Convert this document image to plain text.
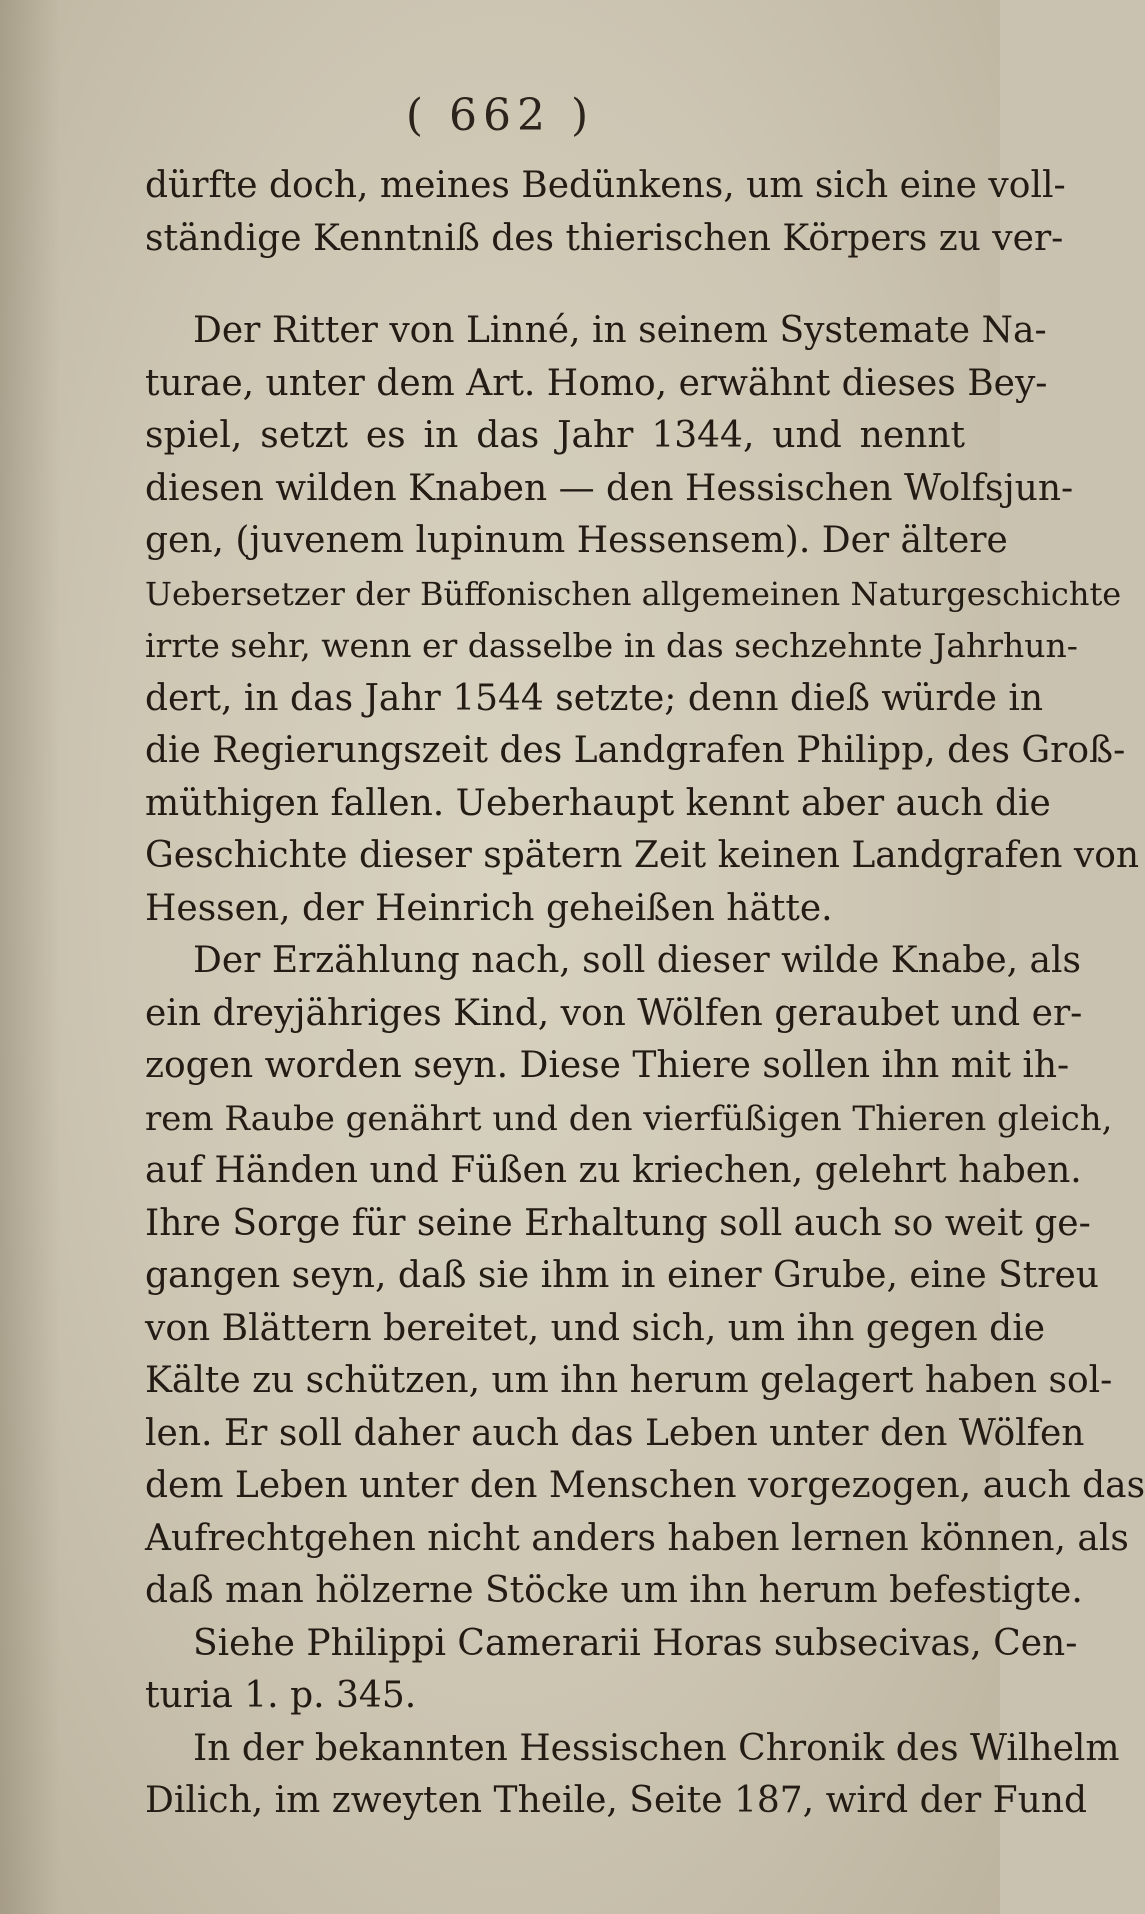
( 662 )
dürfte doch, meines Bedünkens, um sich eine voll-
ständige Kenntniß des thierischen Körpers zu ver-
Der Ritter von Linné, in seinem Systemate Na-
turae, unter dem Art. Homo, erwähnt dieses Bey-
spiel, setzt es in das Jahr 1344, und nennt
diesen wilden Knaben — den Hessischen Wolfsjun-
gen, (juvenem lupinum Hessensem). Der ältere
Uebersetzer der Büffonischen allgemeinen Naturgeschichte
irrte sehr, wenn er dasselbe in das sechzehnte Jahrhun-
dert, in das Jahr 1544 setzte; denn dieß würde in
die Regierungszeit des Landgrafen Philipp, des Groß-
müthigen fallen. Ueberhaupt kennt aber auch die
Geschichte dieser spätern Zeit keinen Landgrafen von
Hessen, der Heinrich geheißen hätte.
Der Erzählung nach, soll dieser wilde Knabe, als
ein dreyjähriges Kind, von Wölfen geraubet und er-
zogen worden seyn. Diese Thiere sollen ihn mit ih-
rem Raube genährt und den vierfüßigen Thieren gleich,
auf Händen und Füßen zu kriechen, gelehrt haben.
Ihre Sorge für seine Erhaltung soll auch so weit ge-
gangen seyn, daß sie ihm in einer Grube, eine Streu
von Blättern bereitet, und sich, um ihn gegen die
Kälte zu schützen, um ihn herum gelagert haben sol-
len. Er soll daher auch das Leben unter den Wölfen
dem Leben unter den Menschen vorgezogen, auch das
Aufrechtgehen nicht anders haben lernen können, als
daß man hölzerne Stöcke um ihn herum befestigte.
Siehe Philippi Camerarii Horas subsecivas, Cen-
turia 1. p. 345.
In der bekannten Hessischen Chronik des Wilhelm
Dilich, im zweyten Theile, Seite 187, wird der Fund
